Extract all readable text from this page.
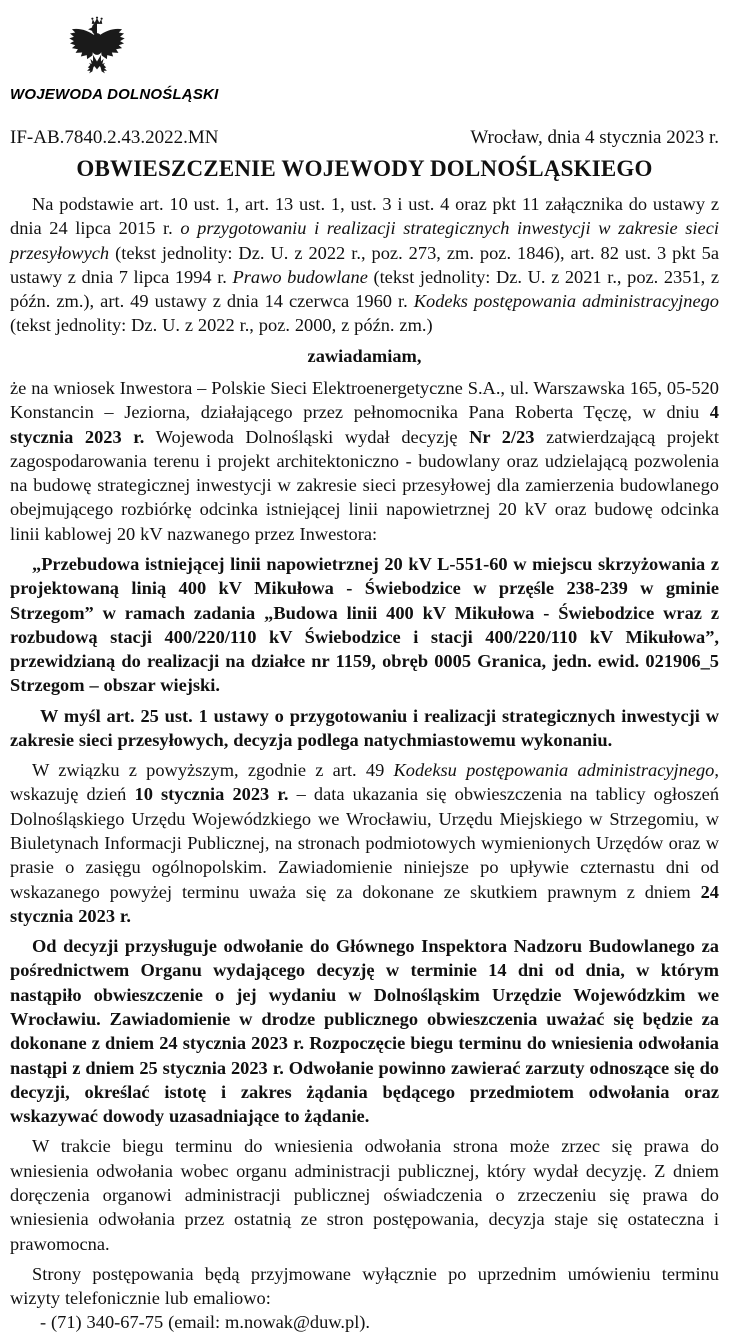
WOJEWODA DOLNOŚLĄSKI
IF-AB.7840.2.43.2022.MN	Wrocław, dnia 4 stycznia 2023 r.
OBWIESZCZENIE WOJEWODY DOLNOŚLĄSKIEGO

Na podstawie art. 10 ust. 1, art. 13 ust. 1, ust. 3 i ust. 4 oraz pkt 11 załącznika do ustawy z dnia 24 lipca 2015 r. o przygotowaniu i realizacji strategicznych inwestycji w zakresie sieci przesyłowych (tekst jednolity: Dz. U. z 2022 r., poz. 273, zm. poz. 1846), art. 82 ust. 3 pkt 5a ustawy z dnia 7 lipca 1994 r. Prawo budowlane (tekst jednolity: Dz. U. z 2021 r., poz. 2351, z późn. zm.), art. 49 ustawy z dnia 14 czerwca 1960 r. Kodeks postępowania administracyjnego (tekst jednolity: Dz. U. z 2022 r., poz. 2000, z późn. zm.)

zawiadamiam,

że na wniosek Inwestora – Polskie Sieci Elektroenergetyczne S.A., ul. Warszawska 165, 05-520 Konstancin – Jeziorna, działającego przez pełnomocnika Pana Roberta Tęczę, w dniu 4 stycznia 2023 r. Wojewoda Dolnośląski wydał decyzję Nr 2/23 zatwierdzającą projekt zagospodarowania terenu i projekt architektoniczno - budowlany oraz udzielającą pozwolenia na budowę strategicznej inwestycji w zakresie sieci przesyłowej dla zamierzenia budowlanego obejmującego rozbiórkę odcinka istniejącej linii napowietrznej 20 kV oraz budowę odcinka linii kablowej 20 kV nazwanego przez Inwestora:

„Przebudowa istniejącej linii napowietrznej 20 kV L-551-60 w miejscu skrzyżowania z projektowaną linią 400 kV Mikułowa - Świebodzice w przęśle 238-239 w gminie Strzegom” w ramach zadania „Budowa linii 400 kV Mikułowa - Świebodzice wraz z rozbudową stacji 400/220/110 kV Świebodzice i stacji 400/220/110 kV Mikułowa”, przewidzianą do realizacji na działce nr 1159, obręb 0005 Granica, jedn. ewid. 021906_5 Strzegom – obszar wiejski.

W myśl art. 25 ust. 1 ustawy o przygotowaniu i realizacji strategicznych inwestycji w zakresie sieci przesyłowych, decyzja podlega natychmiastowemu wykonaniu.

W związku z powyższym, zgodnie z art. 49 Kodeksu postępowania administracyjnego, wskazuję dzień 10 stycznia 2023 r. – data ukazania się obwieszczenia na tablicy ogłoszeń Dolnośląskiego Urzędu Wojewódzkiego we Wrocławiu, Urzędu Miejskiego w Strzegomiu, w Biuletynach Informacji Publicznej, na stronach podmiotowych wymienionych Urzędów oraz w prasie o zasięgu ogólnopolskim. Zawiadomienie niniejsze po upływie czternastu dni od wskazanego powyżej terminu uważa się za dokonane ze skutkiem prawnym z dniem 24 stycznia 2023 r.

Od decyzji przysługuje odwołanie do Głównego Inspektora Nadzoru Budowlanego za pośrednictwem Organu wydającego decyzję w terminie 14 dni od dnia, w którym nastąpiło obwieszczenie o jej wydaniu w Dolnośląskim Urzędzie Wojewódzkim we Wrocławiu. Zawiadomienie w drodze publicznego obwieszczenia uważać się będzie za dokonane z dniem 24 stycznia 2023 r. Rozpoczęcie biegu terminu do wniesienia odwołania nastąpi z dniem 25 stycznia 2023 r. Odwołanie powinno zawierać zarzuty odnoszące się do decyzji, określać istotę i zakres żądania będącego przedmiotem odwołania oraz wskazywać dowody uzasadniające to żądanie.

W trakcie biegu terminu do wniesienia odwołania strona może zrzec się prawa do wniesienia odwołania wobec organu administracji publicznej, który wydał decyzję. Z dniem doręczenia organowi administracji publicznej oświadczenia o zrzeczeniu się prawa do wniesienia odwołania przez ostatnią ze stron postępowania, decyzja staje się ostateczna i prawomocna.

Strony postępowania będą przyjmowane wyłącznie po uprzednim umówieniu terminu wizyty telefonicznie lub emaliowo:

- (71) 340-67-75 (email: m.nowak@duw.pl).
